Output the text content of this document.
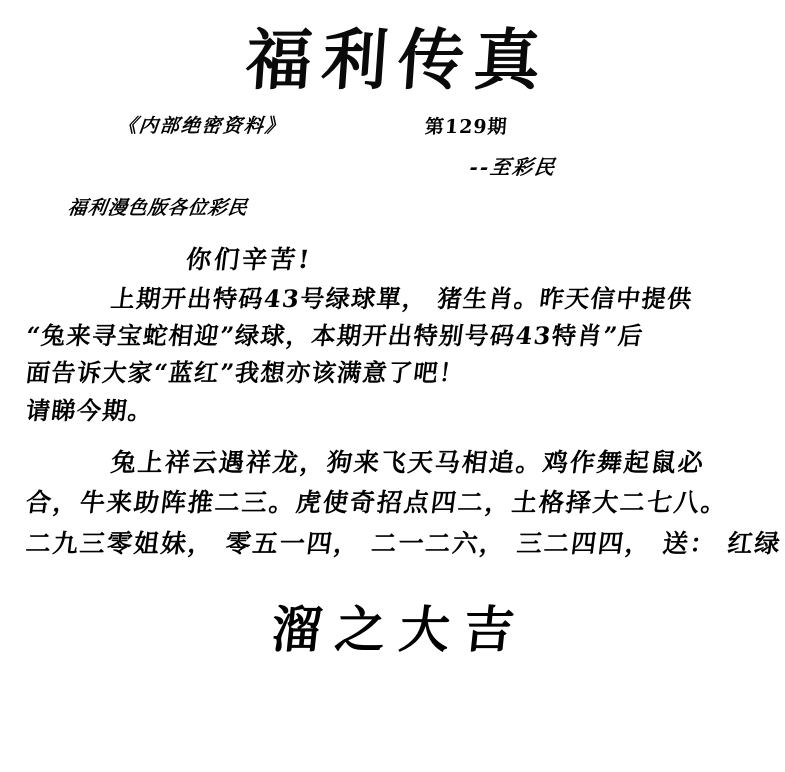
福利传真
《内部绝密资料》	第129期
--至彩民
福利漫色版各位彩民
你们辛苦!
上期开出特码43号绿球單， 猪生肖。昨天信中提供
“兔来寻宝蛇相迎”绿球，本期开出特别号码43特肖”后
面告诉大家“蓝红”我想亦该满意了吧！
请睇今期。
兔上祥云遇祥龙，狗来飞天马相追。鸡作舞起鼠必
合，牛来助阵推二三。虎使奇招点四二，土格择大二七八。
二九三零姐妹， 零五一四， 二一二六， 三二四四， 送： 红绿
溜之大吉
